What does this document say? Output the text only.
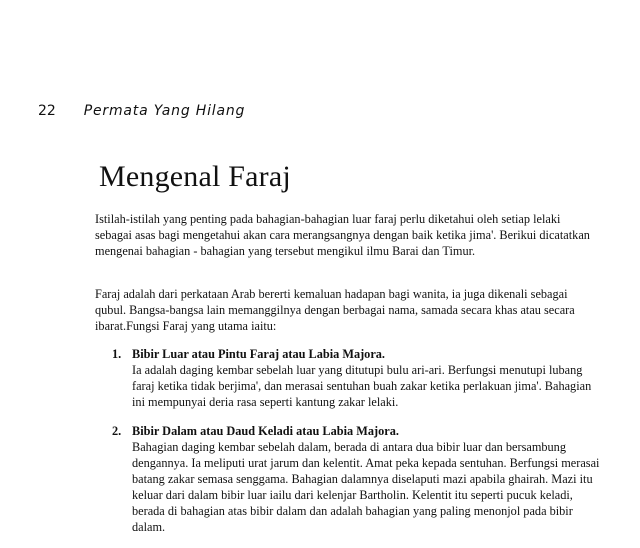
22 Permata Yang Hilang
Mengenal Faraj

Istilah-istilah yang penting pada bahagian-bahagian luar faraj perlu diketahui oleh setiap lelaki sebagai asas bagi mengetahui akan cara merangsangnya dengan baik ketika jima'. Berikui dicatatkan mengenai bahagian - bahagian yang tersebut mengikul ilmu Barai dan Timur.

Faraj adalah dari perkataan Arab bererti kemaluan hadapan bagi wanita, ia juga dikenali sebagai qubul. Bangsa-bangsa lain memanggilnya dengan berbagai nama, samada secara khas atau secara ibarat.Fungsi Faraj yang utama iaitu:

1. Bibir Luar atau Pintu Faraj atau Labia Majora.
Ia adalah daging kembar sebelah luar yang ditutupi bulu ari-ari. Berfungsi menutupi lubang faraj ketika tidak berjima', dan merasai sentuhan buah zakar ketika perlakuan jima'. Bahagian ini mempunyai deria rasa seperti kantung zakar lelaki.
2. Bibir Dalam atau Daud Keladi atau Labia Majora.
Bahagian daging kembar sebelah dalam, berada di antara dua bibir luar dan bersambung dengannya. Ia meliputi urat jarum dan kelentit. Amat peka kepada sentuhan. Berfungsi merasai batang zakar semasa senggama. Bahagian dalamnya diselaputi mazi apabila ghairah. Mazi itu keluar dari dalam bibir luar iailu dari kelenjar Bartholin. Kelentit itu seperti pucuk keladi, berada di bahagian atas bibir dalam dan adalah bahagian yang paling menonjol pada bibir dalam.
